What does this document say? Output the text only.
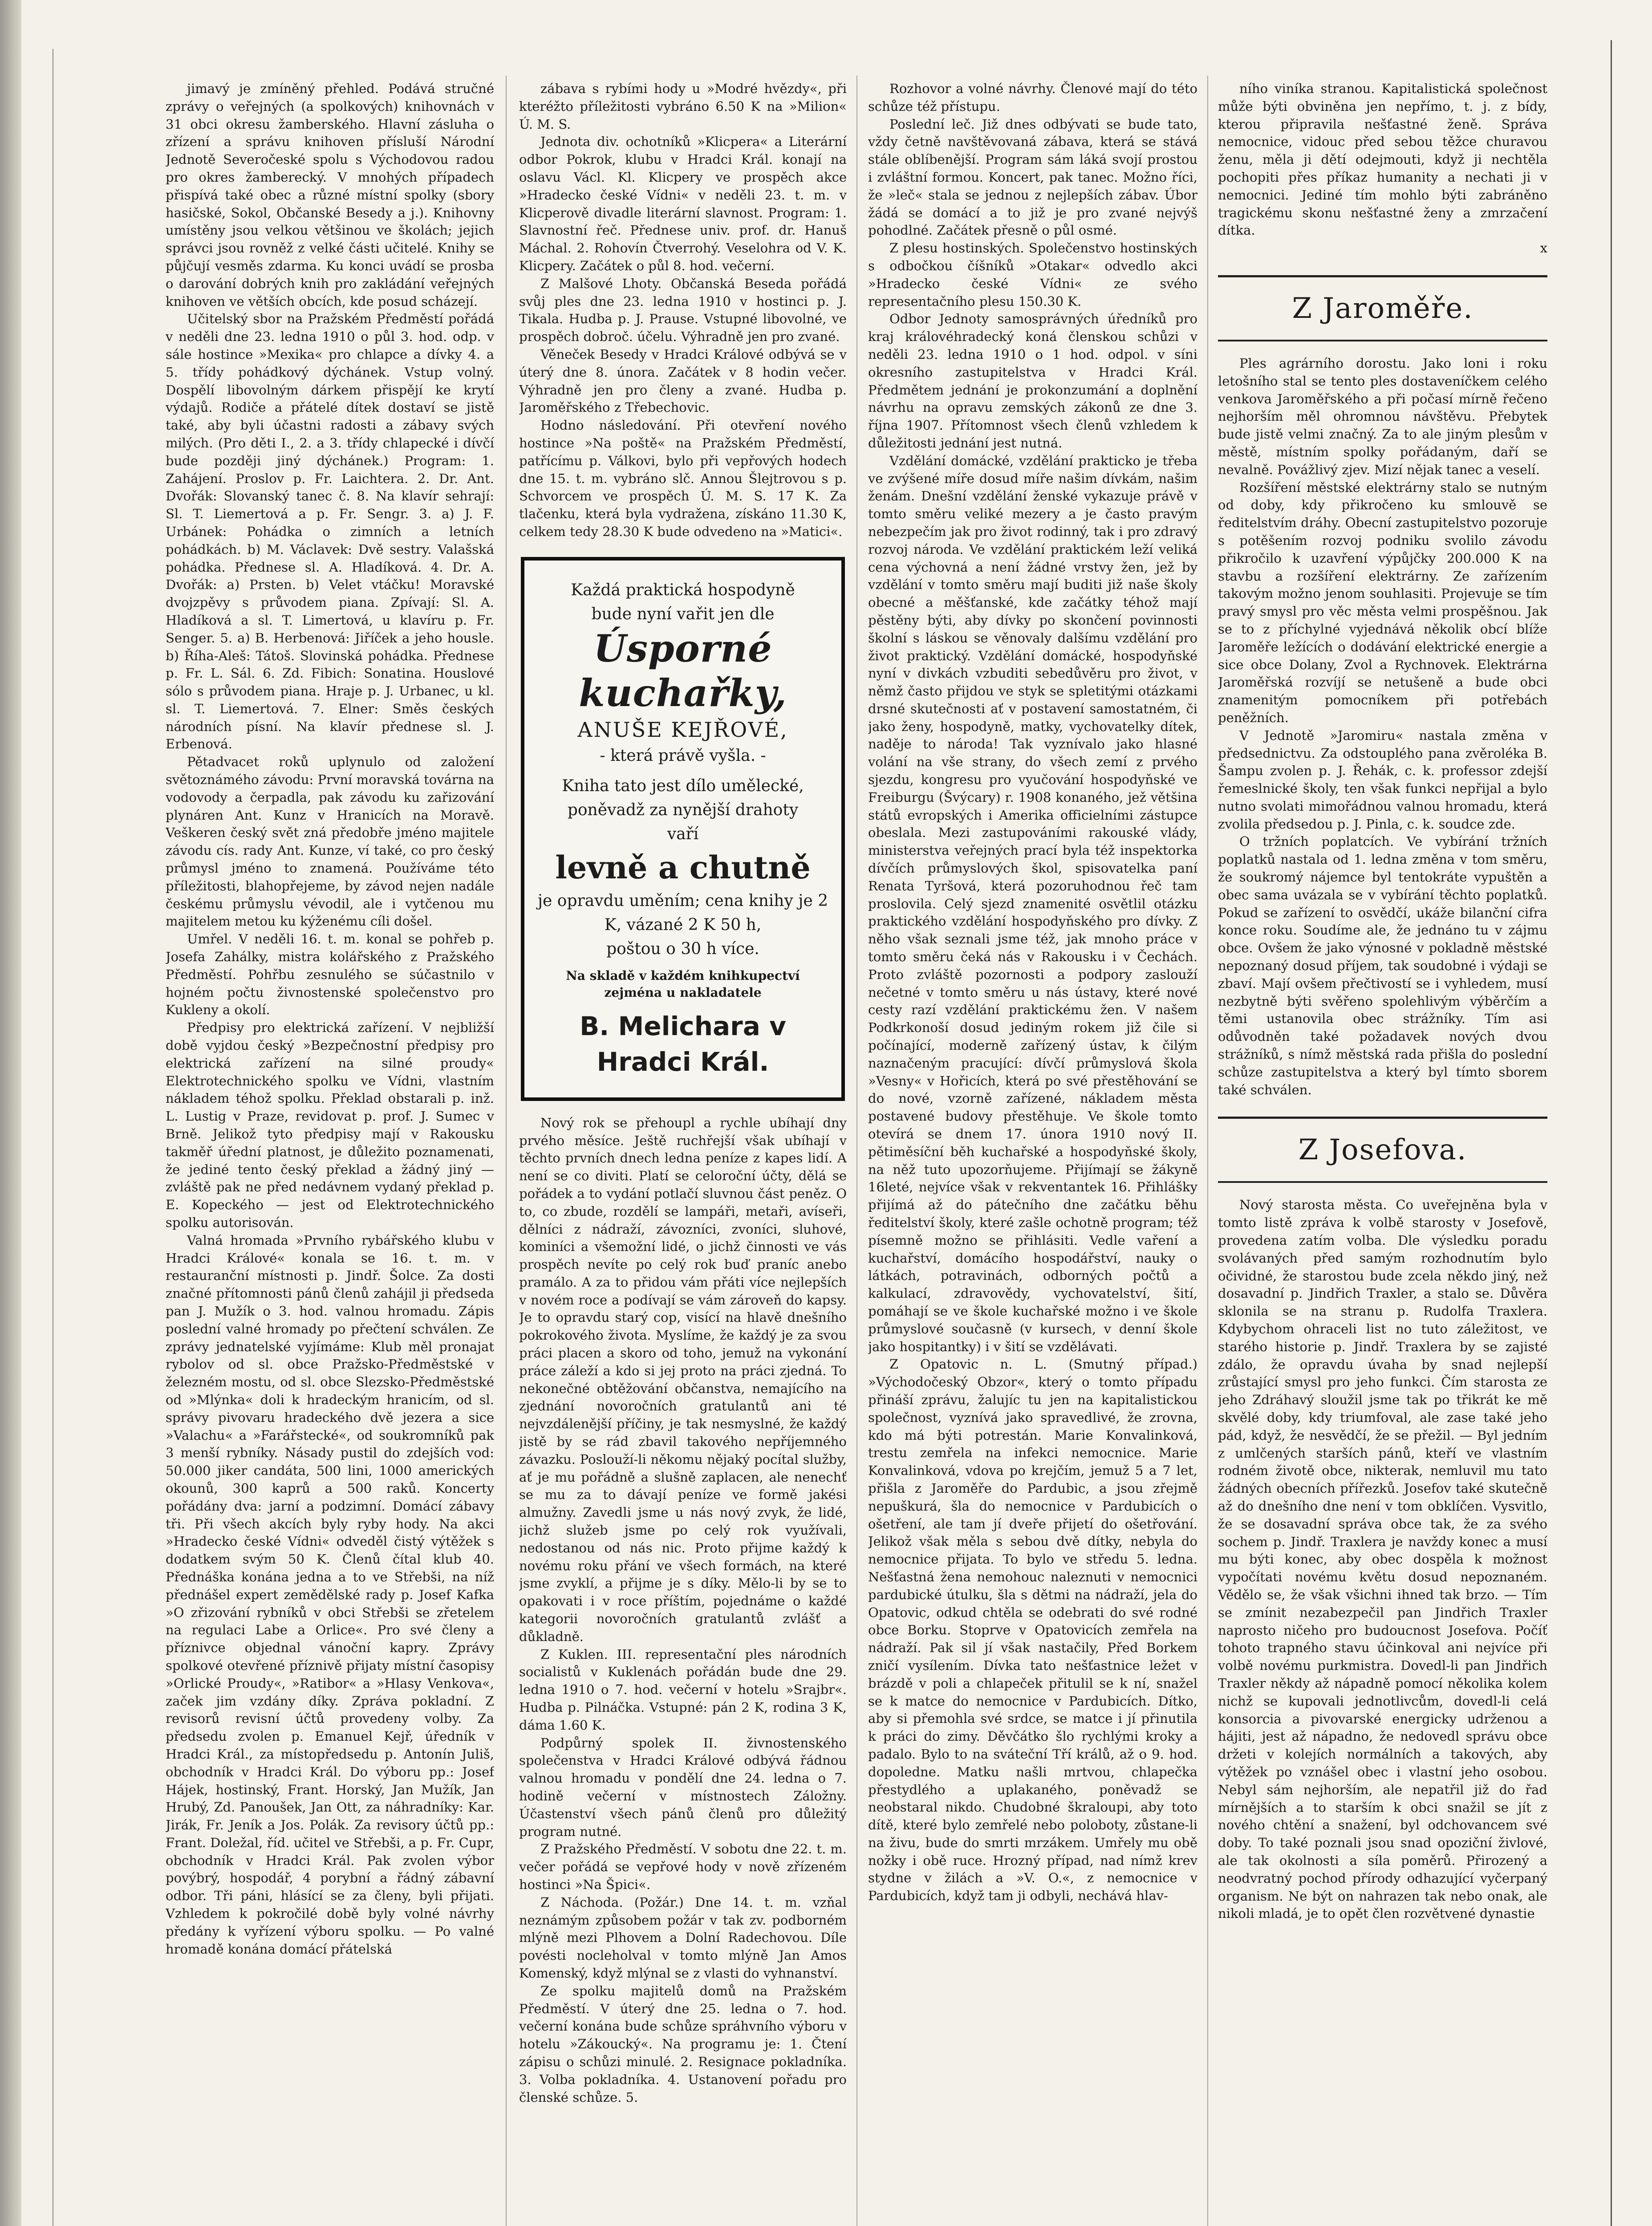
jimavý je zmíněný přehled. Podává stručné zprávy o veřejných (a spolkových) knihovnách v 31 obci okresu žamberského. Hlavní zásluha o zřízení a správu knihoven přísluší Národní Jednotě Severočeské spolu s Východovou radou pro okres žamberecký. V mnohých případech přispívá také obec a různé místní spolky (sbory hasičské, Sokol, Občanské Besedy a j.). Knihovny umístěny jsou velkou většinou ve školách; jejich správci jsou rovněž z velké části učitelé. Knihy se půjčují vesměs zdarma. Ku konci uvádí se prosba o darování dobrých knih pro zakládání veřejných knihoven ve větších obcích, kde posud scházejí.

Učitelský sbor na Pražském Předměstí pořádá v neděli dne 23. ledna 1910 o půl 3. hod. odp. v sále hostince »Mexika« pro chlapce a dívky 4. a 5. třídy pohádkový dýchánek. Vstup volný. Dospělí libovolným dárkem přispějí ke krytí výdajů. Rodiče a přátelé dítek dostaví se jistě také, aby byli účastni radosti a zábavy svých milých. (Pro děti I., 2. a 3. třídy chlapecké i dívčí bude později jiný dýchánek.) Program: 1. Zahájení. Proslov p. Fr. Laichtera. 2. Dr. Ant. Dvořák: Slovanský tanec č. 8. Na klavír sehrají: Sl. T. Liemertová a p. Fr. Sengr. 3. a) J. F. Urbánek: Pohádka o zimních a letních pohádkách. b) M. Václavek: Dvě sestry. Valašská pohádka. Přednese sl. A. Hladíková. 4. Dr. A. Dvořák: a) Prsten. b) Velet vtáčku! Moravské dvojzpěvy s průvodem piana. Zpívají: Sl. A. Hladíková a sl. T. Limertová, u klavíru p. Fr. Senger. 5. a) B. Herbenová: Jiříček a jeho housle. b) Říha-Aleš: Tátoš. Slovinská pohádka. Přednese p. Fr. L. Sál. 6. Zd. Fibich: Sonatina. Houslové sólo s průvodem piana. Hraje p. J. Urbanec, u kl. sl. T. Liemertová. 7. Elner: Směs českých národních písní. Na klavír přednese sl. J. Erbenová.

Pětadvacet roků uplynulo od založení světoznámého závodu: První moravská továrna na vodovody a čerpadla, pak závodu ku zařizování plynáren Ant. Kunz v Hranicích na Moravě. Veškeren český svět zná předobře jméno majitele závodu cís. rady Ant. Kunze, ví také, co pro český průmysl jméno to znamená. Používáme této příležitosti, blahopřejeme, by závod nejen nadále českému průmyslu vévodil, ale i vytčenou mu majitelem metou ku kýženému cíli došel.

Umřel. V neděli 16. t. m. konal se pohřeb p. Josefa Zahálky, mistra kolářského z Pražského Předměstí. Pohřbu zesnulého se súčastnilo v hojném počtu živnostenské společenstvo pro Kukleny a okolí.

Předpisy pro elektrická zařízení. V nejbližší době vyjdou český »Bezpečnostní předpisy pro elektrická zařízení na silné proudy« Elektrotechnického spolku ve Vídni, vlastním nákladem téhož spolku. Překlad obstarali p. inž. L. Lustig v Praze, revidovat p. prof. J. Sumec v Brně. Jelikož tyto předpisy mají v Rakousku takměř úřední platnost, je důležito poznamenati, že jediné tento český překlad a žádný jiný — zvláště pak ne před nedávnem vydaný překlad p. E. Kopeckého — jest od Elektrotechnického spolku autorisován.

Valná hromada »Prvního rybářského klubu v Hradci Králové« konala se 16. t. m. v restauranční místnosti p. Jindř. Šolce. Za dosti značné přítomnosti pánů členů zahájil ji předseda pan J. Mužík o 3. hod. valnou hromadu. Zápis poslední valné hromady po přečtení schválen. Ze zprávy jednatelské vyjímáme: Klub měl pronajat rybolov od sl. obce Pražsko-Předměstské v železném mostu, od sl. obce Slezsko-Předměstské od »Mlýnka« doli k hradeckým hranicím, od sl. správy pivovaru hradeckého dvě jezera a sice »Valachu« a »Farářstecké«, od soukromníků pak 3 menší rybníky. Násady pustil do zdejších vod: 50.000 jiker candáta, 500 lini, 1000 amerických okounů, 300 kaprů a 500 raků. Koncerty pořádány dva: jarní a podzimní. Domácí zábavy tři. Při všech akcích byly ryby hody. Na akci »Hradecko české Vídni« odveděl čistý výtěžek s dodatkem svým 50 K. Členů čítal klub 40. Přednáška konána jedna a to ve Střebši, na níž přednášel expert zemědělské rady p. Josef Kafka »O zřizování rybníků v obci Střebši se zřetelem na regulaci Labe a Orlice«. Pro své členy a příznivce objednal vánoční kapry. Zprávy spolkové otevřené příznivě přijaty místní časopisy »Orlické Proudy«, »Ratibor« a »Hlasy Venkova«, začek jim vzdány díky. Zpráva pokladní. Z revisorů revisní účtů provedeny volby. Za předsedu zvolen p. Emanuel Kejř, úředník v Hradci Král., za místopředsedu p. Antonín Juliš, obchodník v Hradci Král. Do výboru pp.: Josef Hájek, hostinský, Frant. Horský, Jan Mužík, Jan Hrubý, Zd. Panoušek, Jan Ott, za náhradníky: Kar. Jirák, Fr. Jeník a Jos. Polák. Za revisory účtů pp.: Frant. Doležal, říd. učitel ve Střebši, a p. Fr. Cupr, obchodník v Hradci Král. Pak zvolen výbor povýbrý, hospodář, 4 porybní a řádný zábavní odbor. Tři páni, hlásící se za členy, byli přijati. Vzhledem k pokročilé době byly volné návrhy předány k vyřízení výboru spolku. — Po valné hromadě konána domácí přátelská

zábava s rybími hody u »Modré hvězdy«, při kteréžto příležitosti vybráno 6.50 K na »Milion« Ú. M. S.

Jednota div. ochotníků »Klicpera« a Literární odbor Pokrok, klubu v Hradci Král. konají na oslavu Václ. Kl. Klicpery ve prospěch akce »Hradecko české Vídni« v neděli 23. t. m. v Klicperově divadle literární slavnost. Program: 1. Slavnostní řeč. Přednese univ. prof. dr. Hanuš Máchal. 2. Rohovín Čtverrohý. Veselohra od V. K. Klicpery. Začátek o půl 8. hod. večerní.

Z Malšové Lhoty. Občanská Beseda pořádá svůj ples dne 23. ledna 1910 v hostinci p. J. Tikala. Hudba p. J. Prause. Vstupné libovolné, ve prospěch dobroč. účelu. Výhradně jen pro zvané.

Věneček Besedy v Hradci Králové odbývá se v úterý dne 8. února. Začátek v 8 hodin večer. Výhradně jen pro členy a zvané. Hudba p. Jaroměřského z Třebechovic.

Hodno následování. Při otevření nového hostince »Na poště« na Pražském Předměstí, patřícímu p. Válkovi, bylo při vepřových hodech dne 15. t. m. vybráno slč. Annou Šlejtrovou s p. Schvorcem ve prospěch Ú. M. S. 17 K. Za tlačenku, která byla vydražena, získáno 11.30 K, celkem tedy 28.30 K bude odvedeno na »Matici«.

Každá praktická hospodyně
bude nyní vařit jen dle
Úsporné kuchařky,
ANUŠE KEJŘOVÉ,
- která právě vyšla. -
Kniha tato jest dílo umělecké,
poněvadž za nynější drahoty
vaří
levně a chutně
je opravdu uměním; cena knihy je 2 K, vázané 2 K 50 h,
poštou o 30 h více.
Na skladě v každém knihkupectví
zejména u nakladatele
B. Melichara v Hradci Král.

Nový rok se přehoupl a rychle ubíhají dny prvého měsíce. Ještě ruchřejší však ubíhají v těchto prvních dnech ledna peníze z kapes lidí. A není se co diviti. Platí se celoroční účty, dělá se pořádek a to vydání potlačí sluvnou část peněz. O to, co zbude, rozdělí se lampáři, metaři, avíseři, dělníci z nádraží, závozníci, zvoníci, sluhové, kominíci a všemožní lidé, o jichž činnosti ve vás prospěch nevíte po celý rok buď praníc anebo pramálo. A za to přidou vám přáti více nejlepších v novém roce a podívají se vám zároveň do kapsy. Je to opravdu starý cop, visící na hlavě dnešního pokrokového života. Myslíme, že každý je za svou práci placen a skoro od toho, jemuž na vykonání práce záleží a kdo si jej proto na práci zjedná. To nekonečné obtěžování občanstva, nemajícího na zjednání novoročních gratulantů ani té nejvzdálenější příčiny, je tak nesmyslné, že každý jistě by se rád zbavil takového nepříjemného závazku. Poslouží-li někomu nějaký pocítal služby, ať je mu pořádně a slušně zaplacen, ale nenechť se mu za to dávají peníze ve formě jakési almužny. Zavedli jsme u nás nový zvyk, že lidé, jichž služeb jsme po celý rok využívali, nedostanou od nás nic. Proto přijme každý k novému roku přání ve všech formách, na které jsme zvyklí, a přijme je s díky. Mělo-li by se to opakovati i v roce příštím, pojednáme o každé kategorii novoročních gratulantů zvlášť a důkladně.

Z Kuklen. III. representační ples národních socialistů v Kuklenách pořádán bude dne 29. ledna 1910 o 7. hod. večerní v hotelu »Srajbr«. Hudba p. Pilnáčka. Vstupné: pán 2 K, rodina 3 K, dáma 1.60 K.

Podpůrný spolek II. živnostenského společenstva v Hradci Králové odbývá řádnou valnou hromadu v pondělí dne 24. ledna o 7. hodině večerní v místnostech Záložny. Účastenství všech pánů členů pro důležitý program nutné.

Z Pražského Předměstí. V sobotu dne 22. t. m. večer pořádá se vepřové hody v nově zřízeném hostinci »Na Špici«.

Z Náchoda. (Požár.) Dne 14. t. m. vzňal neznámým způsobem požár v tak zv. podborném mlýně mezi Plhovem a Dolní Radechovou. Díle povésti nocleholval v tomto mlýně Jan Amos Komenský, když mlýnal se z vlasti do vyhnanství.

Ze spolku majitelů domů na Pražském Předměstí. V úterý dne 25. ledna o 7. hod. večerní konána bude schůze spráhvního výboru v hotelu »Zákoucký«. Na programu je: 1. Čtení zápisu o schůzi minulé. 2. Resignace pokladníka. 3. Volba pokladníka. 4. Ustanovení pořadu pro členské schůze. 5.

Rozhovor a volné návrhy. Členové mají do této schůze též přístupu.

Poslední leč. Již dnes odbývati se bude tato, vždy četně navštěvovaná zábava, která se stává stále oblíbenější. Program sám láká svojí prostou i zvláštní formou. Koncert, pak tanec. Možno říci, že »leč« stala se jednou z nejlepších zábav. Úbor žádá se domácí a to již je pro zvané nejvýš pohodlné. Začátek přesně o půl osmé.

Z plesu hostinských. Společenstvo hostinských s odbočkou číšníků »Otakar« odvedlo akci »Hradecko české Vídni« ze svého representačního plesu 150.30 K.

Odbor Jednoty samosprávných úředníků pro kraj královéhradecký koná členskou schůzi v neděli 23. ledna 1910 o 1 hod. odpol. v síni okresního zastupitelstva v Hradci Král. Předmětem jednání je prokonzumání a doplnění návrhu na opravu zemských zákonů ze dne 3. října 1907. Přítomnost všech členů vzhledem k důležitosti jednání jest nutná.

Vzdělání domácké, vzdělání prakticko je třeba ve zvýšené míře dosud míře našim dívkám, našim ženám. Dnešní vzdělání ženské vykazuje právě v tomto směru veliké mezery a je často pravým nebezpečím jak pro život rodinný, tak i pro zdravý rozvoj národa. Ve vzdělání praktickém leží veliká cena výchovná a není žádné vrstvy žen, jež by vzdělání v tomto směru mají buditi již naše školy obecné a měšťanské, kde začátky téhož mají pěstěny býti, aby dívky po skončení povinnosti školní s láskou se věnovaly dalšímu vzdělání pro život praktický. Vzdělání domácké, hospodyňské nyní v divkách vzbuditi sebedůvěru pro život, v němž často přijdou ve styk se spletitými otázkami drsné skutečnosti ať v postavení samostatném, či jako ženy, hospodyně, matky, vychovatelky dítek, naděje to národa! Tak vyznívalo jako hlasné volání na vše strany, do všech zemí z prvého sjezdu, kongresu pro vyučování hospodyňské ve Freiburgu (Švýcary) r. 1908 konaného, jež většina států evropských i Amerika officielními zástupce obeslala. Mezi zastupováními rakouské vlády, ministerstva veřejných prací byla též inspektorka dívčích průmyslových škol, spisovatelka paní Renata Tyršová, která pozoruhodnou řeč tam proslovila. Celý sjezd znamenité osvětlil otázku praktického vzdělání hospodyňského pro dívky. Z něho však seznali jsme též, jak mnoho práce v tomto směru čeká nás v Rakousku i v Čechách. Proto zvláště pozornosti a podpory zaslouží nečetné v tomto směru u nás ústavy, které nové cesty razí vzdělání praktickému žen. V našem Podkrkonoší dosud jediným rokem již čile si počínající, moderně zařízený ústav, k čilým naznačeným pracující: dívčí průmyslová škola »Vesny« v Hořicích, která po své přestěhování se do nové, vzorně zařízené, nákladem města postavené budovy přestěhuje. Ve škole tomto otevírá se dnem 17. února 1910 nový II. pětiměsíční běh kuchařské a hospodyňské školy, na něž tuto upozorňujeme. Přijímají se žákyně 16leté, nejvíce však v rekventantek 16. Přihlášky přijímá až do pátečního dne začátku běhu ředitelství školy, které zašle ochotně program; též písemně možno se přihlásiti. Vedle vaření a kuchařství, domácího hospodářství, nauky o látkách, potravinách, odborných počtů a kalkulací, zdravovědy, vychovatelství, šití, pomáhají se ve škole kuchařské možno i ve škole průmyslové současně (v kursech, v denní škole jako hospitantky) i v šití se vzdělávati.

Z Opatovic n. L. (Smutný případ.) »Východočeský Obzor«, který o tomto případu přináší zprávu, žalujíc tu jen na kapitalistickou společnost, vyznívá jako spravedlivé, že zrovna, kdo má býti potrestán. Marie Konvalinková, trestu zemřela na infekci nemocnice. Marie Konvalinková, vdova po krejčím, jemuž 5 a 7 let, přišla z Jaroměře do Pardubic, a jsou zřejmě nepuškurá, šla do nemocnice v Pardubicích o ošetření, ale tam jí dveře přijetí do ošetřování. Jelikož však měla s sebou dvě dítky, nebyla do nemocnice přijata. To bylo ve středu 5. ledna. Nešťastná žena nemohouc naleznuti v nemocnici pardubické útulku, šla s dětmi na nádraží, jela do Opatovic, odkud chtěla se odebrati do své rodné obce Borku. Stoprve v Opatovicích zemřela na nádraží. Pak sil jí však nastačily, Před Borkem zničí vysílením. Dívka tato nešťastnice ležet v brázdě v poli a chlapeček přitulil se k ní, snažel se k matce do nemocnice v Pardubicích. Dítko, aby si přemohla své srdce, se matce i jí přinutila k práci do zimy. Děvčátko šlo rychlými kroky a padalo. Bylo to na sváteční Tří králů, až o 9. hod. dopoledne. Matku našli mrtvou, chlapečka přestydlého a uplakaného, poněvadž se neobstaral nikdo. Chudobné škraloupi, aby toto dítě, které bylo zemřelé nebo poloboty, zůstane-li na živu, bude do smrti mrzákem. Umřely mu obě nožky i obě ruce. Hrozný případ, nad nímž krev stydne v žilách a »V. O.«, z nemocnice v Pardubicích, když tam ji odbyli, nechává hlav-

ního viníka stranou. Kapitalistická společnost může býti obviněna jen nepřímo, t. j. z bídy, kterou připravila nešťastné ženě. Správa nemocnice, vidouc před sebou těžce churavou ženu, měla ji dětí odejmouti, když ji nechtěla pochopiti přes příkaz humanity a nechati ji v nemocnici. Jediné tím mohlo býti zabráněno tragickému skonu nešťastné ženy a zmrzačení dítka.

x

Z Jaroměře.

Ples agrárního dorostu. Jako loni i roku letošního stal se tento ples dostaveníčkem celého venkova Jaroměřského a při počasí mírně řečeno nejhorším měl ohromnou návštěvu. Přebytek bude jistě velmi značný. Za to ale jiným plesům v městě, místním spolky pořádaným, daří se nevalně. Povážlivý zjev. Mizí nějak tanec a veselí.

Rozšíření městské elektrárny stalo se nutným od doby, kdy přikročeno ku smlouvě se ředitelstvím dráhy. Obecní zastupitelstvo pozoruje s potěšením rozvoj podniku svolilo závodu přikročilo k uzavření výpůjčky 200.000 K na stavbu a rozšíření elektrárny. Ze zařízením takovým možno jenom souhlasiti. Projevuje se tím pravý smysl pro věc města velmi prospěšnou. Jak se to z příchylné vyjednává několik obcí blíže Jaroměře ležících o dodávání elektrické energie a sice obce Dolany, Zvol a Rychnovek. Elektrárna Jaroměřská rozvíjí se netušeně a bude obci znamenitým pomocníkem při potřebách peněžních.

V Jednotě »Jaromiru« nastala změna v předsednictvu. Za odstouplého pana zvěroléka B. Šampu zvolen p. J. Řehák, c. k. professor zdejší řemeslnické školy, ten však funkci nepřijal a bylo nutno svolati mimořádnou valnou hromadu, která zvolila předsedou p. J. Pinla, c. k. soudce zde.

O tržních poplatcích. Ve vybírání tržních poplatků nastala od 1. ledna změna v tom směru, že soukromý nájemce byl tentokráte vypuštěn a obec sama uvázala se v vybírání těchto poplatků. Pokud se zařízení to osvědčí, ukáže bilanční cifra konce roku. Soudíme ale, že jednáno tu v zájmu obce. Ovšem že jako výnosné v pokladně městské nepoznaný dosud příjem, tak soudobné i výdaji se zbaví. Mají ovšem přečtivostí se i vyhledem, musí nezbytně býti svěřeno spolehlivým výběrčím a těmi ustanovila obec strážníky. Tím asi odůvodněn také požadavek nových dvou strážníků, s nímž městská rada přišla do poslední schůze zastupitelstva a který byl tímto sborem také schválen.

Z Josefova.

Nový starosta města. Co uveřejněna byla v tomto listě zpráva k volbě starosty v Josefově, provedena zatím volba. Dle výsledku poradu svolávaných před samým rozhodnutím bylo očividné, že starostou bude zcela někdo jiný, než dosavadní p. Jindřich Traxler, a stalo se. Důvěra sklonila se na stranu p. Rudolfa Traxlera. Kdybychom ohraceli list no tuto záležitost, ve starého historie p. Jindř. Traxlera by se zajisté zdálo, že opravdu úvaha by snad nejlepší zrůstající smysl pro jeho funkci. Čím starosta ze jeho Zdráhavý sloužil jsme tak po třikrát ke mě skvělé doby, kdy triumfoval, ale zase také jeho pád, když, že nesvědčí, že se přežil. — Byl jedním z umlčených starších pánů, kteří ve vlastním rodném životě obce, nikterak, nemluvil mu tato žádných obecních přířezků. Josefov také skutečně až do dnešního dne není v tom obklíčen. Vysvitlo, že se dosavadní správa obce tak, že za svého sochem p. Jindř. Traxlera je navždy konec a musí mu býti konec, aby obec dospěla k možnost vypočítati novému květu dosud nepoznaném. Vědělo se, že však všichni ihned tak brzo. — Tím se zmínit nezabezpečil pan Jindřich Traxler naprosto ničeho pro budoucnost Josefova. Počíť tohoto trapného stavu účinkoval ani nejvíce při volbě novému purkmistra. Dovedl-li pan Jindřich Traxler někdy až nápadně pomocí několika kolem nichž se kupovali jednotlivcům, dovedl-li celá konsorcia a pivovarské energicky udrženou a hájiti, jest až nápadno, že nedovedl správu obce držeti v kolejích normálních a takových, aby výtěžek po vznášel obec i vlastní jeho osobou. Nebyl sám nejhorším, ale nepatřil již do řad mírnějších a to starším k obci snažil se jít z nového chtění a snažení, byl odchovancem své doby. To také poznali jsou snad opoziční živlové, ale tak okolnosti a síla poměrů. Přirozený a neodvratný pochod přírody odhazující vyčerpaný organism. Ne být on nahrazen tak nebo onak, ale nikoli mladá, je to opět člen rozvětvené dynastie
